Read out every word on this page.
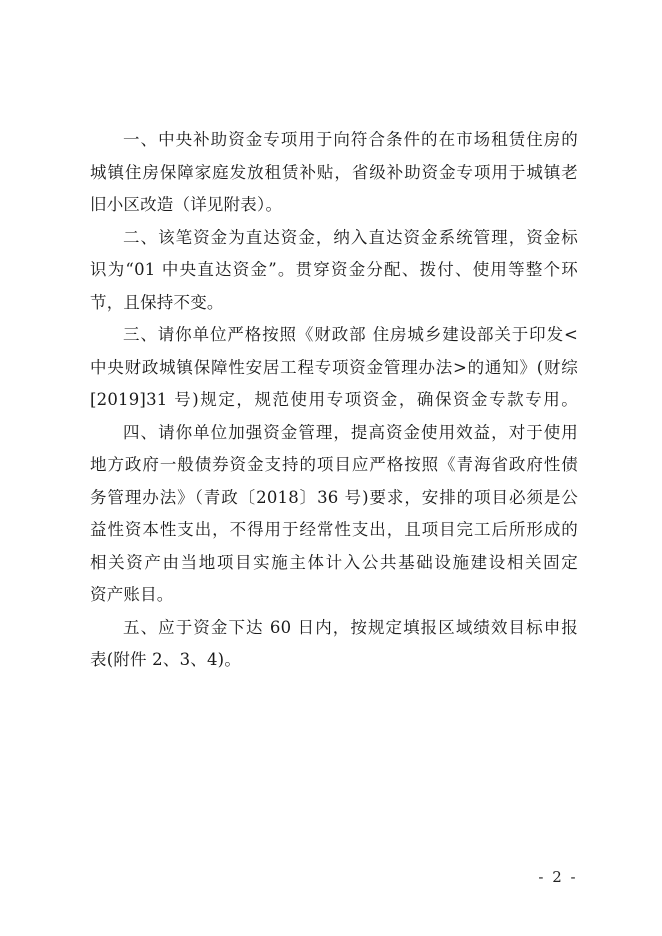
一、中央补助资金专项用于向符合条件的在市场租赁住房的
城镇住房保障家庭发放租赁补贴，省级补助资金专项用于城镇老
旧小区改造（详见附表）。
二、该笔资金为直达资金，纳入直达资金系统管理，资金标
识为“01 中央直达资金”。贯穿资金分配、拨付、使用等整个环
节，且保持不变。
三、请你单位严格按照《财政部 住房城乡建设部关于印发<
中央财政城镇保障性安居工程专项资金管理办法>的通知》(财综
[2019]31 号)规定，规范使用专项资金，确保资金专款专用。
四、请你单位加强资金管理，提高资金使用效益，对于使用
地方政府一般债券资金支持的项目应严格按照《青海省政府性债
务管理办法》（青政〔2018〕36 号)要求，安排的项目必须是公
益性资本性支出，不得用于经常性支出，且项目完工后所形成的
相关资产由当地项目实施主体计入公共基础设施建设相关固定
资产账目。
五、应于资金下达 60 日内，按规定填报区域绩效目标申报
表(附件 2、3、4)。
- 2 -
